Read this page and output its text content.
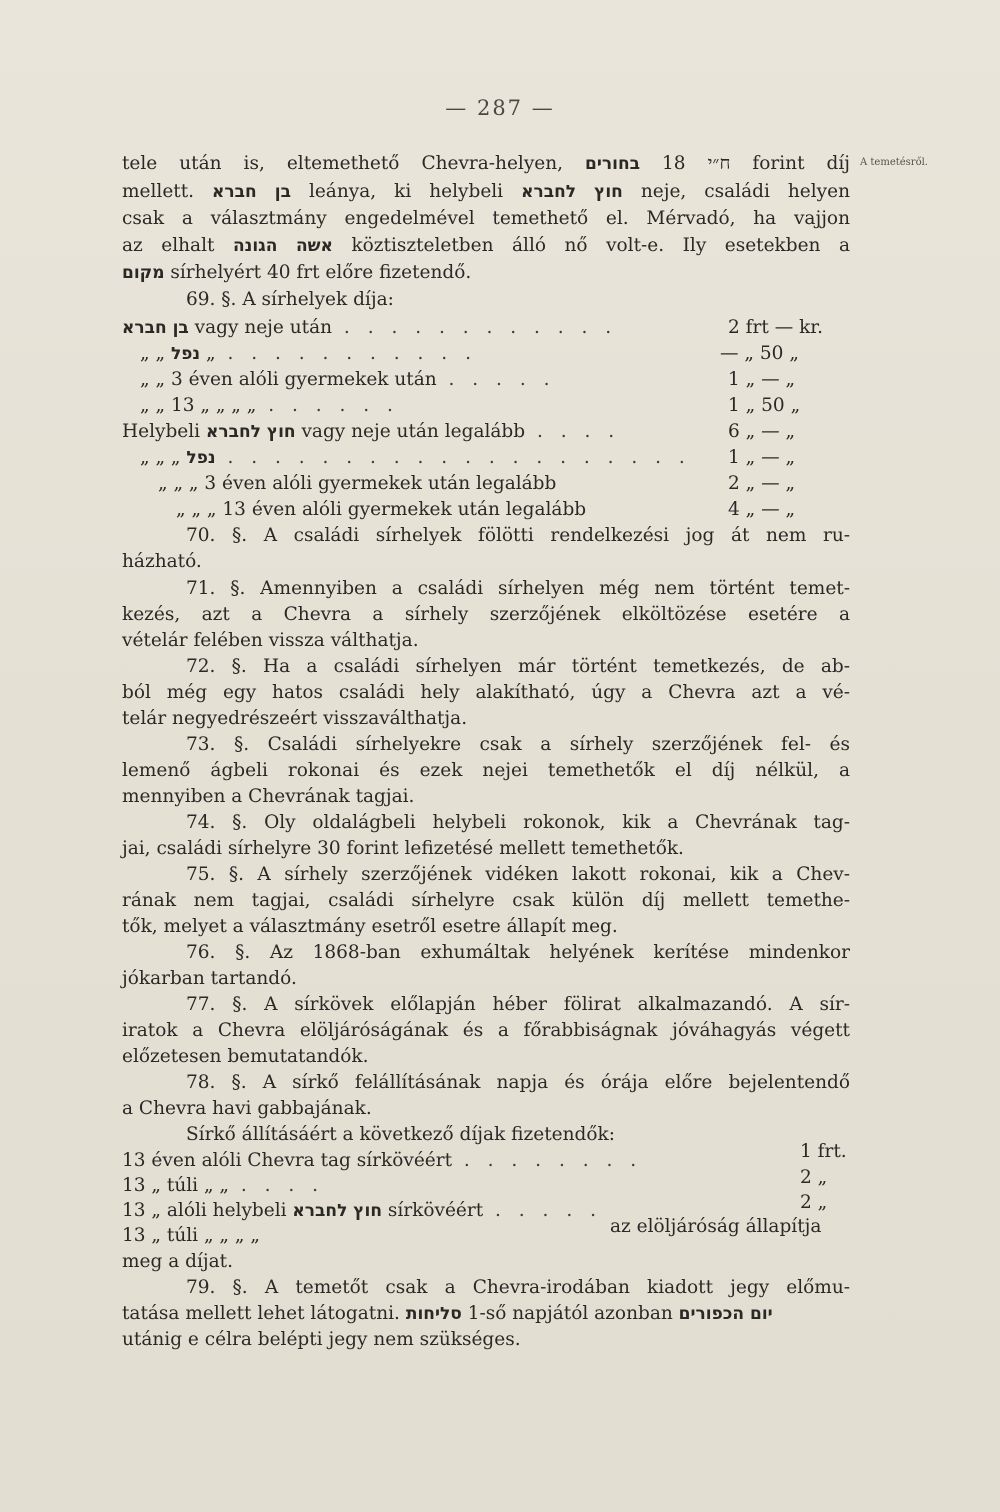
— 287 —
A temetésről.
tele után is, eltemethető Chevra-helyen, בחורים ח״י 18 forint díj
mellett. בן חברא leánya, ki helybeli חוץ לחברא neje, családi helyen
csak a választmány engedelmével temethető el. Mérvadó, ha vajjon
az elhalt אשה הגונה köztiszteletben álló nő volt-e. Ily esetekben a
מקום sírhelyért 40 frt előre fizetendő.
69. §. A sírhelyek díja:
בן חברא vagy neje után . . . . . . . . . . . .	2 frt — kr.
„ „ נפל „ . . . . . . . . . . .	— „ 50 „
„ „ 3 éven alóli gyermekek után . . . . .	1 „ — „
„ „ 13 „ „ „ „ . . . . . .	1 „ 50 „
Helybeli חוץ לחברא vagy neje után legalább . . . .	6 „ — „
„ „ „ נפל . . . . . . . . . . . . . . . . . . . . 1 „ — „
„ „ „ 3 éven alóli gyermekek után legalább	2 „ — „
„ „ „ 13 éven alóli gyermekek után legalább	4 „ — „
70. §. A családi sírhelyek fölötti rendelkezési jog át nem ru-
házható.
71. §. Amennyiben a családi sírhelyen még nem történt temet-
kezés, azt a Chevra a sírhely szerzőjének elköltözése esetére a
vételár felében vissza válthatja.
72. §. Ha a családi sírhelyen már történt temetkezés, de ab-
ból még egy hatos családi hely alakítható, úgy a Chevra azt a vé-
telár negyedrészeért visszaválthatja.
73. §. Családi sírhelyekre csak a sírhely szerzőjének fel- és
lemenő ágbeli rokonai és ezek nejei temethetők el díj nélkül, a
mennyiben a Chevrának tagjai.
74. §. Oly oldalágbeli helybeli rokonok, kik a Chevrának tag-
jai, családi sírhelyre 30 forint lefizetésé mellett temethetők.
75. §. A sírhely szerzőjének vidéken lakott rokonai, kik a Chev-
rának nem tagjai, családi sírhelyre csak külön díj mellett temethe-
tők, melyet a választmány esetről esetre állapít meg.
76. §. Az 1868-ban exhumáltak helyének kerítése mindenkor
jókarban tartandó.
77. §. A sírkövek előlapján héber fölirat alkalmazandó. A sír-
iratok a Chevra elöljáróságának és a főrabbiságnak jóváhagyás végett
előzetesen bemutatandók.
78. §. A sírkő felállításának napja és órája előre bejelentendő
a Chevra havi gabbajának.
Sírkő állításáért a következő díjak fizetendők:
13 éven alóli Chevra tag sírkövéért . . . . . . . .	1 frt.
13 „ túli „ „ . . . .	2 „
13 „ alóli helybeli חוץ לחברא sírkövéért . . . . .	2 „
13 „ túli „ „ „ „	az elöljáróság állapítja
meg a díjat.
79. §. A temetőt csak a Chevra-irodában kiadott jegy előmu-
tatása mellett lehet látogatni. סליחות 1-ső napjától azonban יום הכפורים
utánig e célra belépti jegy nem szükséges.
